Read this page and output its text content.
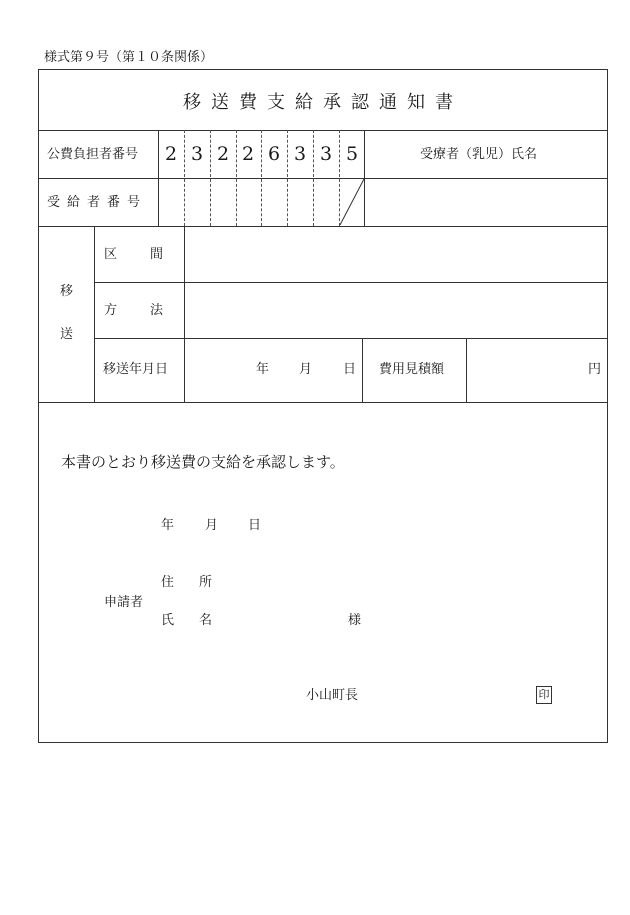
様式第９号（第１０条関係）
移送費支給承認通知書
公費負担者番号	2 3 2 2 6 3 3 5	受療者（乳児）氏名
受給者番号
移
送
区　間
方　法
移送年月日	年 月 日 費用見積額	円
本書のとおり移送費の支給を承認します。
年 月 日
住　所
申請者
氏　名	様
小山町長	印
